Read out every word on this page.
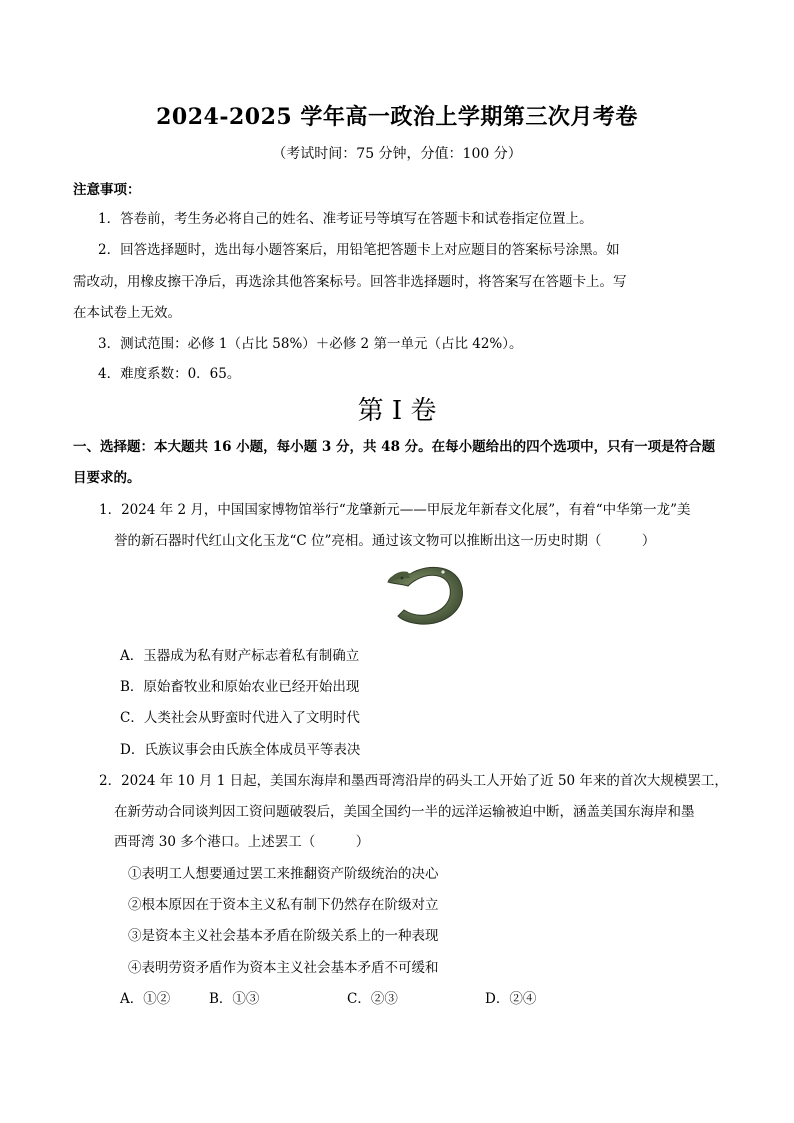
2024-2025 学年高一政治上学期第三次月考卷
（考试时间：75 分钟，分值：100 分）
注意事项：
1．答卷前，考生务必将自己的姓名、准考证号等填写在答题卡和试卷指定位置上。
2．回答选择题时，选出每小题答案后，用铅笔把答题卡上对应题目的答案标号涂黑。如
需改动，用橡皮擦干净后，再选涂其他答案标号。回答非选择题时，将答案写在答题卡上。写
在本试卷上无效。
3．测试范围：必修 1（占比 58%）＋必修 2 第一单元（占比 42%）。
4．难度系数：0．65。
第 I 卷
一、选择题：本大题共 16 小题，每小题 3 分，共 48 分。在每小题给出的四个选项中，只有一项是符合题
目要求的。
1．2024 年 2 月，中国国家博物馆举行“龙肇新元——甲辰龙年新春文化展”，有着“中华第一龙”美
誉的新石器时代红山文化玉龙“C 位”亮相。通过该文物可以推断出这一历史时期（　　　）
A．玉器成为私有财产标志着私有制确立
B．原始畜牧业和原始农业已经开始出现
C．人类社会从野蛮时代进入了文明时代
D．氏族议事会由氏族全体成员平等表决
2．2024 年 10 月 1 日起，美国东海岸和墨西哥湾沿岸的码头工人开始了近 50 年来的首次大规模罢工，
在新劳动合同谈判因工资问题破裂后，美国全国约一半的远洋运输被迫中断，涵盖美国东海岸和墨
西哥湾 30 多个港口。上述罢工（　　　）
①表明工人想要通过罢工来推翻资产阶级统治的决心
②根本原因在于资本主义私有制下仍然存在阶级对立
③是资本主义社会基本矛盾在阶级关系上的一种表现
④表明劳资矛盾作为资本主义社会基本矛盾不可缓和
A．①②	B．①③	C．②③	D．②④
